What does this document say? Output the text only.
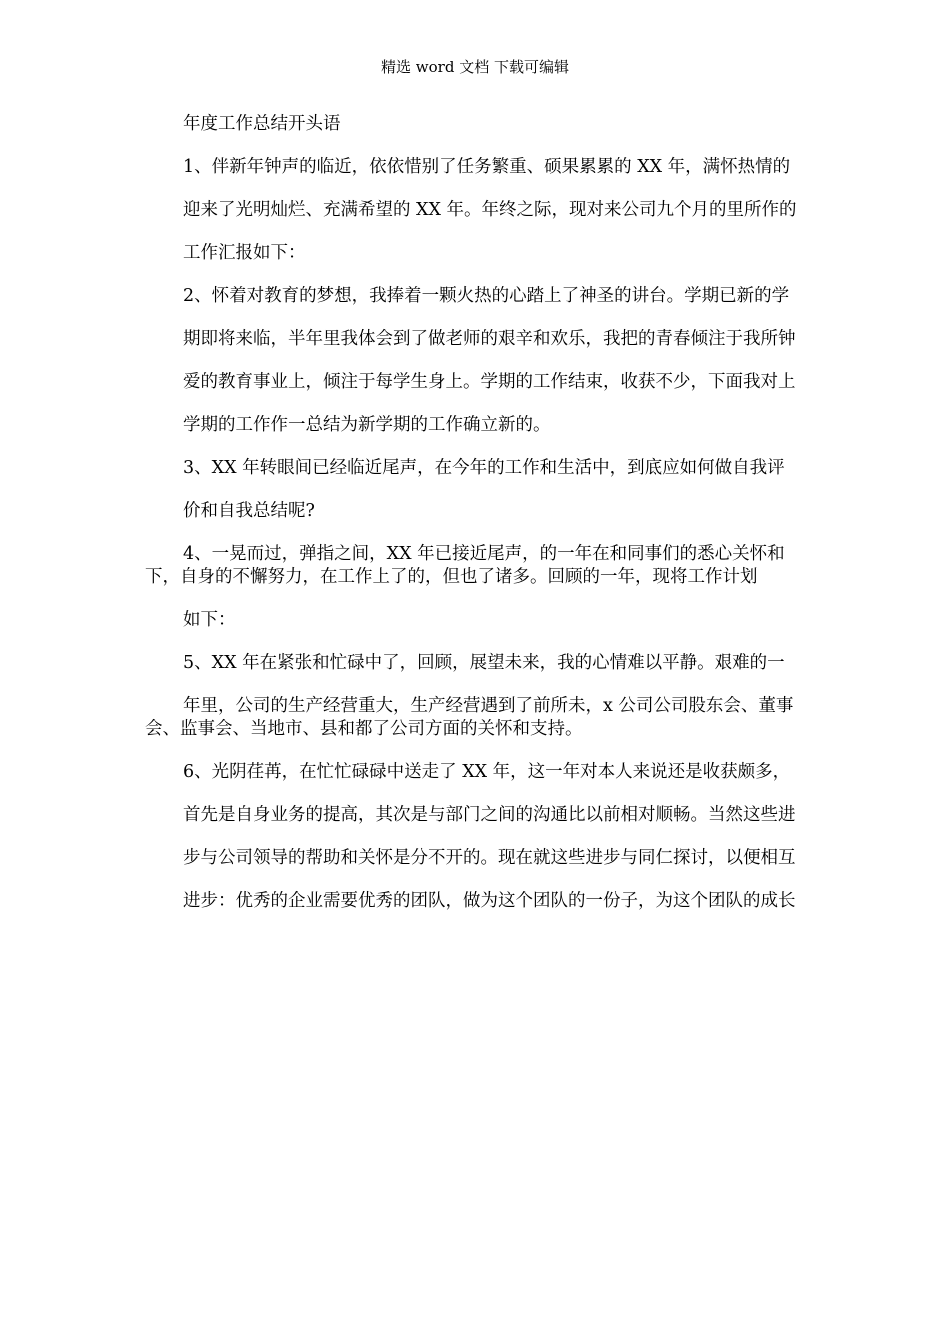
精选 word 文档 下载可编辑

年度工作总结开头语

1、伴新年钟声的临近，依依惜别了任务繁重、硕果累累的 XX 年，满怀热情的

迎来了光明灿烂、充满希望的 XX 年。年终之际，现对来公司九个月的里所作的

工作汇报如下：

2、怀着对教育的梦想，我捧着一颗火热的心踏上了神圣的讲台。学期已新的学

期即将来临，半年里我体会到了做老师的艰辛和欢乐，我把的青春倾注于我所钟

爱的教育事业上，倾注于每学生身上。学期的工作结束，收获不少，下面我对上

学期的工作作一总结为新学期的工作确立新的。

3、XX 年转眼间已经临近尾声，在今年的工作和生活中，到底应如何做自我评

价和自我总结呢?

4、一晃而过，弹指之间，XX 年已接近尾声，的一年在和同事们的悉心关怀和下，自身的不懈努力，在工作上了的，但也了诸多。回顾的一年，现将工作计划

如下：

5、XX 年在紧张和忙碌中了，回顾，展望未来，我的心情难以平静。艰难的一

年里，公司的生产经营重大，生产经营遇到了前所未，x 公司公司股东会、董事会、监事会、当地市、县和都了公司方面的关怀和支持。

6、光阴荏苒，在忙忙碌碌中送走了 XX 年，这一年对本人来说还是收获颇多，

首先是自身业务的提高，其次是与部门之间的沟通比以前相对顺畅。当然这些进

步与公司领导的帮助和关怀是分不开的。现在就这些进步与同仁探讨，以便相互

进步：优秀的企业需要优秀的团队，做为这个团队的一份子，为这个团队的成长
